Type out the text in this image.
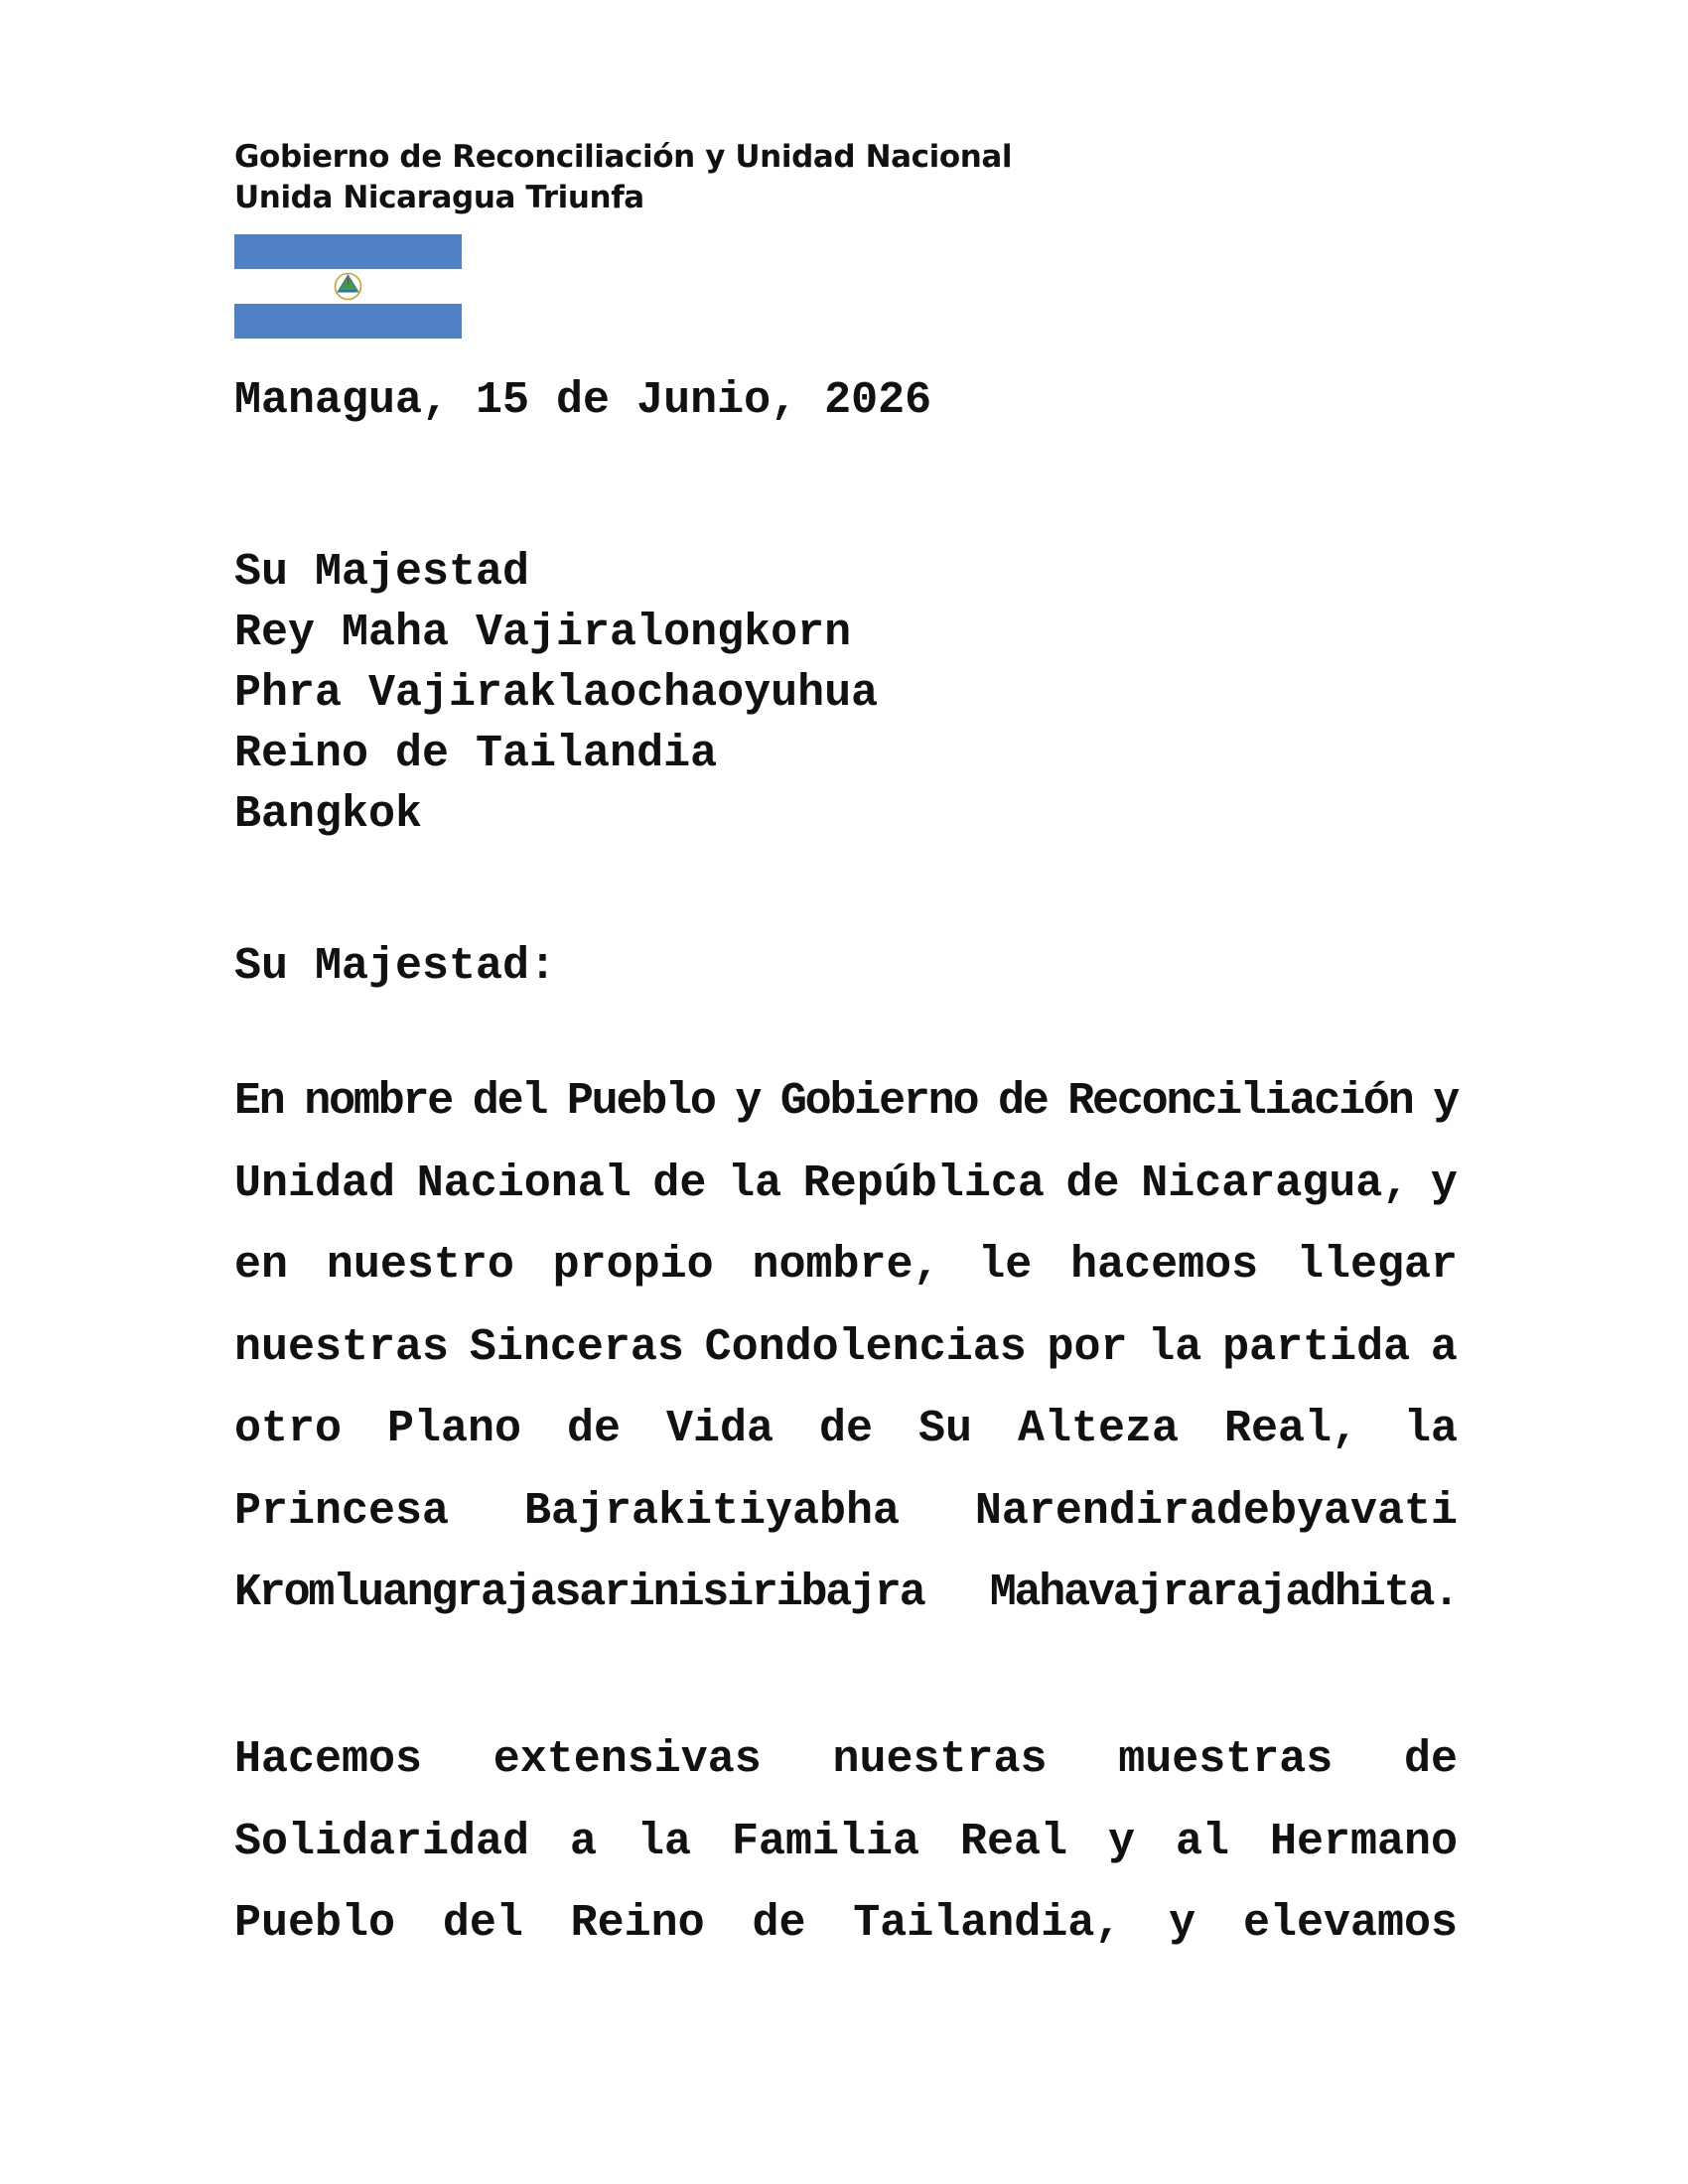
Gobierno de Reconciliación y Unidad Nacional
Unida Nicaragua Triunfa
Managua, 15 de Junio, 2026
Su Majestad
Rey Maha Vajiralongkorn
Phra Vajiraklaochaoyuhua
Reino de Tailandia
Bangkok
Su Majestad:
En nombre del Pueblo y Gobierno de Reconciliación y
Unidad Nacional de la República de Nicaragua, y
en nuestro propio nombre, le hacemos llegar
nuestras Sinceras Condolencias por la partida a
otro Plano de Vida de Su Alteza Real, la
Princesa Bajrakitiyabha Narendiradebyavati
Kromluangrajasarinisiribajra Mahavajrarajadhita.
Hacemos extensivas nuestras muestras de
Solidaridad a la Familia Real y al Hermano
Pueblo del Reino de Tailandia, y elevamos
